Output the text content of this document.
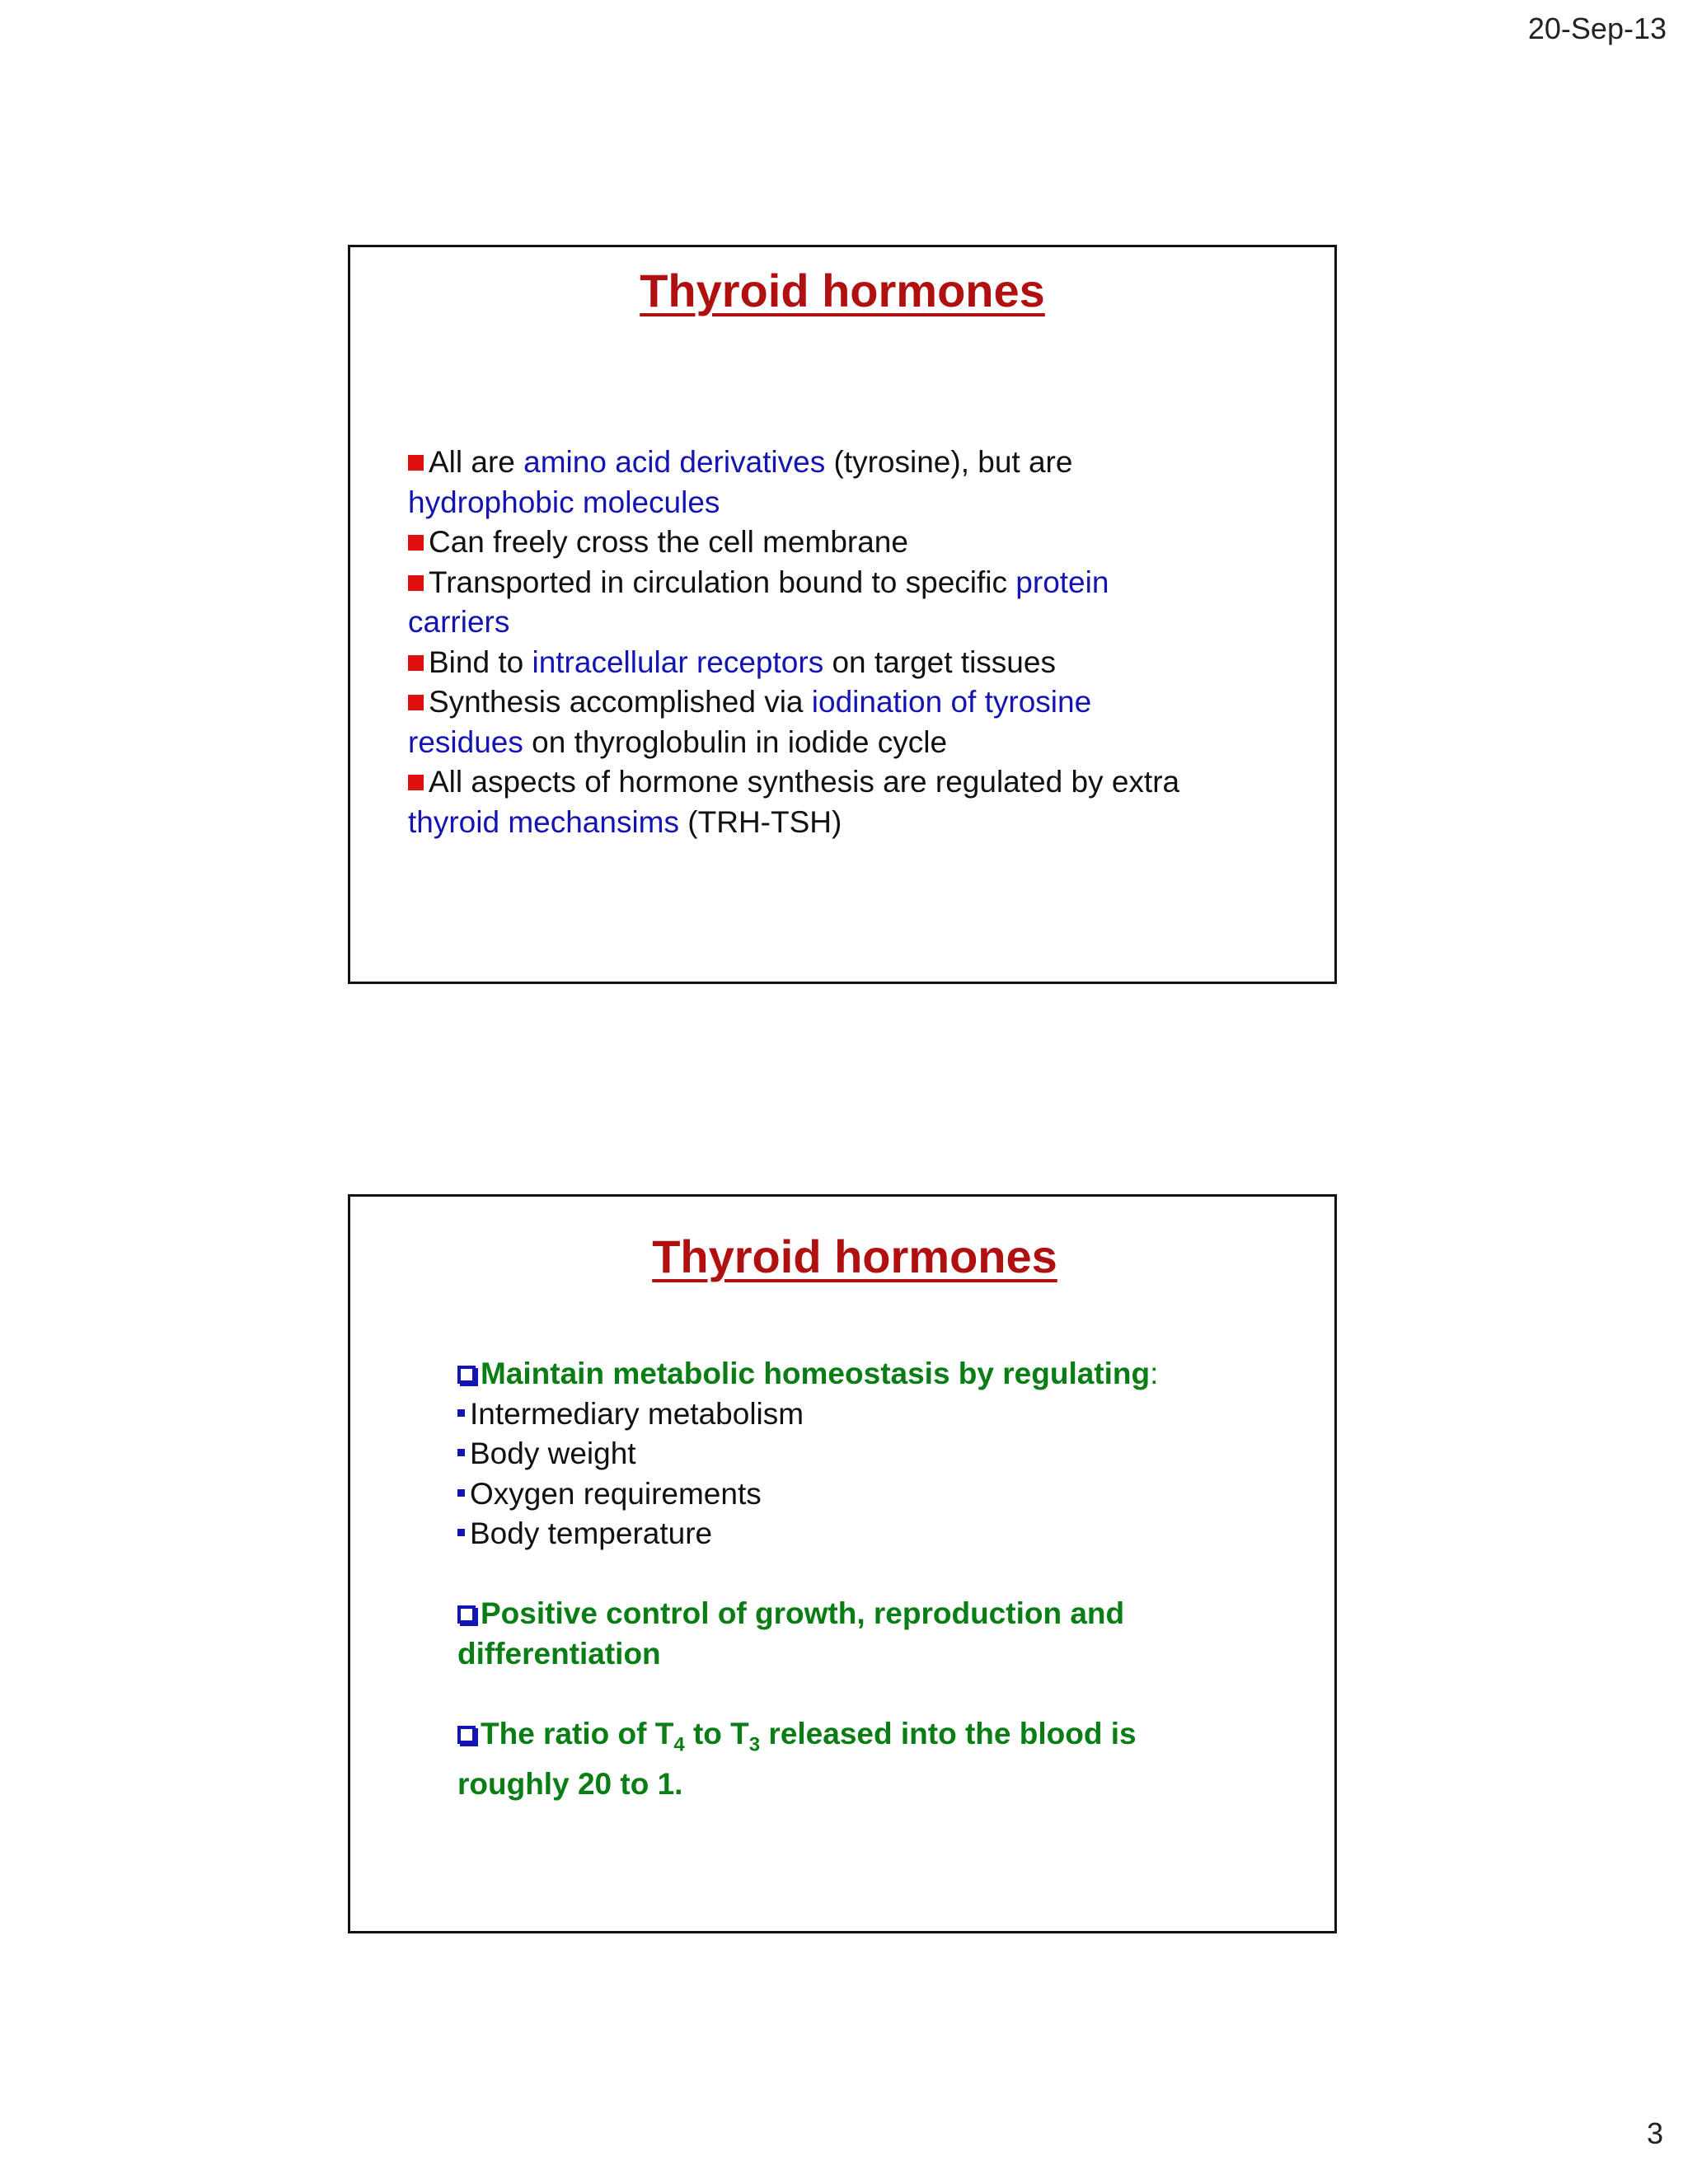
20-Sep-13
Thyroid hormones
All are amino acid derivatives (tyrosine), but are
hydrophobic molecules
Can freely cross the cell membrane
Transported in circulation bound to specific protein
carriers
Bind to intracellular receptors on target tissues
Synthesis accomplished via iodination of tyrosine
residues on thyroglobulin in iodide cycle
All aspects of hormone synthesis are regulated by extra
thyroid mechansims (TRH-TSH)
Thyroid hormones
Maintain metabolic homeostasis by regulating:
Intermediary metabolism
Body weight
Oxygen requirements
Body temperature
Positive control of growth, reproduction and
differentiation
The ratio of $T_4$ to $T_3$ released into the blood is
roughly 20 to 1.
3
